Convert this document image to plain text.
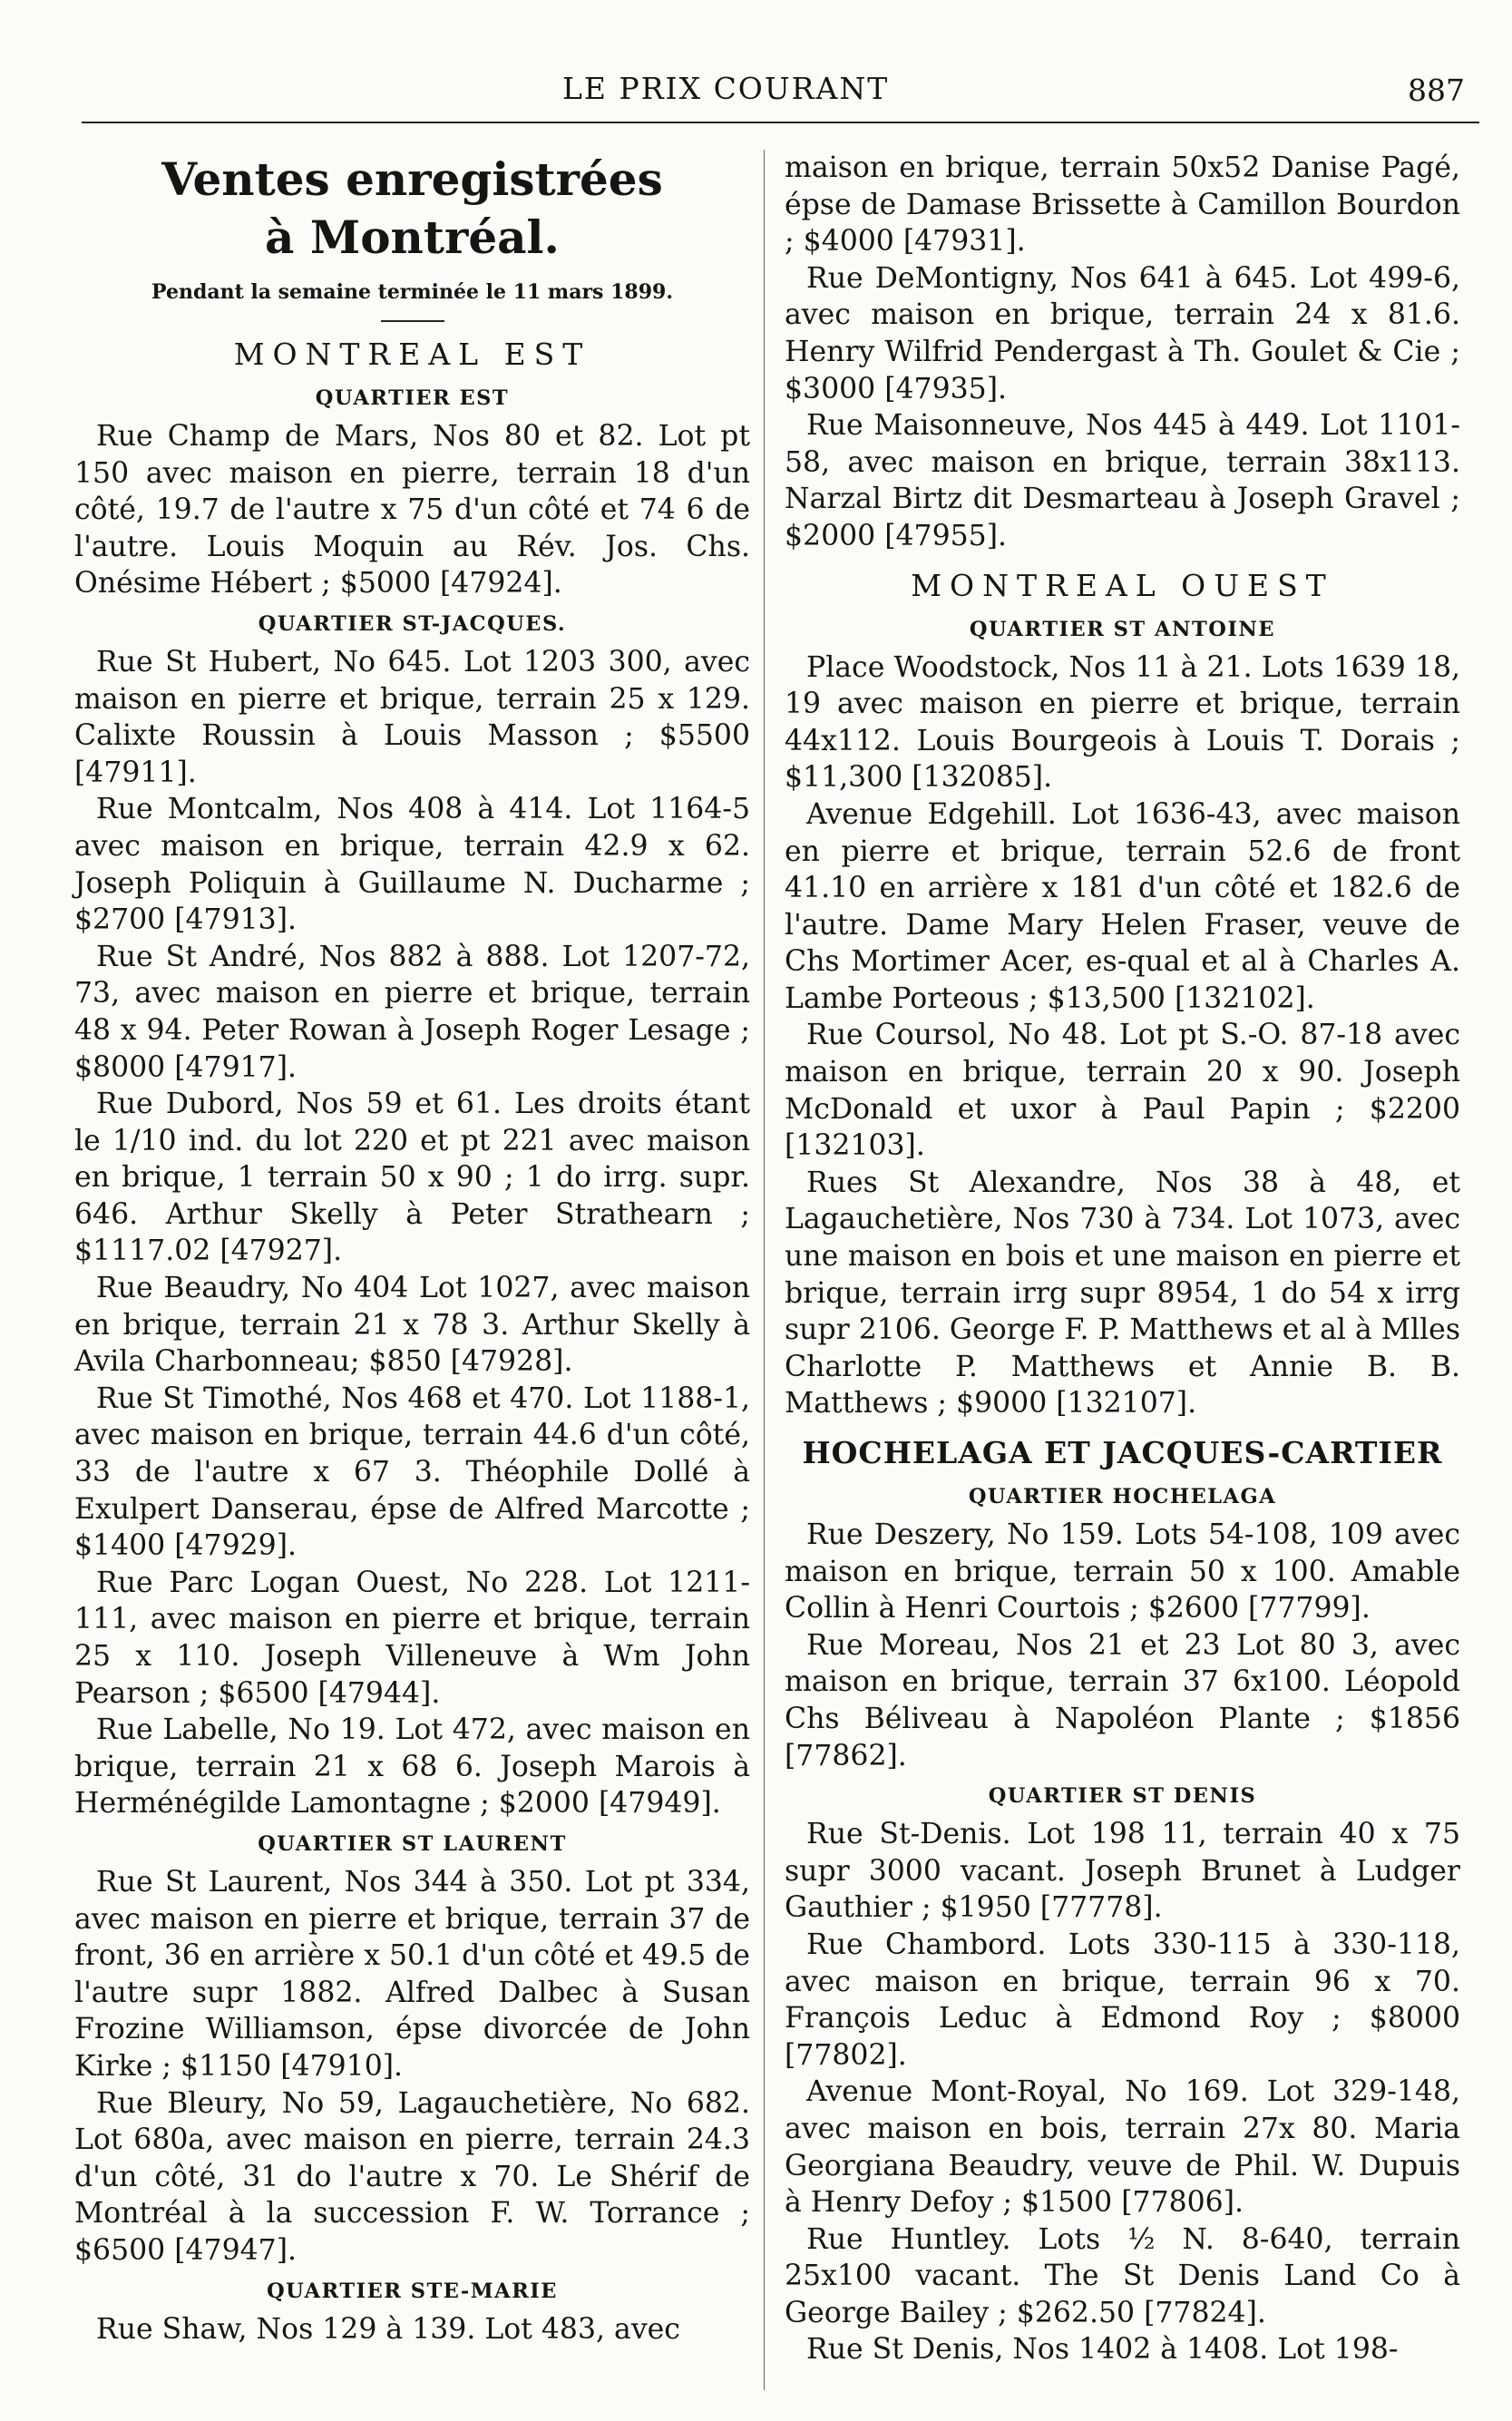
LE PRIX COURANT	887
Ventes enregistrées
à Montréal.
Pendant la semaine terminée le 11 mars 1899.
MONTREAL EST
QUARTIER EST

Rue Champ de Mars, Nos 80 et 82. Lot pt 150 avec maison en pierre, terrain 18 d'un côté, 19.7 de l'autre x 75 d'un côté et 74 6 de l'autre. Louis Moquin au Rév. Jos. Chs. Onésime Hébert ; $5000 [47924].

QUARTIER ST-JACQUES.

Rue St Hubert, No 645. Lot 1203 300, avec maison en pierre et brique, terrain 25 x 129. Calixte Roussin à Louis Masson ; $5500 [47911].

Rue Montcalm, Nos 408 à 414. Lot 1164-5 avec maison en brique, terrain 42.9 x 62. Joseph Poliquin à Guillaume N. Ducharme ; $2700 [47913].

Rue St André, Nos 882 à 888. Lot 1207-72, 73, avec maison en pierre et brique, terrain 48 x 94. Peter Rowan à Joseph Roger Lesage ; $8000 [47917].

Rue Dubord, Nos 59 et 61. Les droits étant le 1/10 ind. du lot 220 et pt 221 avec maison en brique, 1 terrain 50 x 90 ; 1 do irrg. supr. 646. Arthur Skelly à Peter Strathearn ; $1117.02 [47927].

Rue Beaudry, No 404 Lot 1027, avec maison en brique, terrain 21 x 78 3. Arthur Skelly à Avila Charbonneau; $850 [47928].

Rue St Timothé, Nos 468 et 470. Lot 1188-1, avec maison en brique, terrain 44.6 d'un côté, 33 de l'autre x 67 3. Théophile Dollé à Exulpert Danserau, épse de Alfred Marcotte ; $1400 [47929].

Rue Parc Logan Ouest, No 228. Lot 1211-111, avec maison en pierre et brique, terrain 25 x 110. Joseph Villeneuve à Wm John Pearson ; $6500 [47944].

Rue Labelle, No 19. Lot 472, avec maison en brique, terrain 21 x 68 6. Joseph Marois à Herménégilde Lamontagne ; $2000 [47949].

QUARTIER ST LAURENT

Rue St Laurent, Nos 344 à 350. Lot pt 334, avec maison en pierre et brique, terrain 37 de front, 36 en arrière x 50.1 d'un côté et 49.5 de l'autre supr 1882. Alfred Dalbec à Susan Frozine Williamson, épse divorcée de John Kirke ; $1150 [47910].

Rue Bleury, No 59, Lagauchetière, No 682. Lot 680a, avec maison en pierre, terrain 24.3 d'un côté, 31 do l'autre x 70. Le Shérif de Montréal à la succession F. W. Torrance ; $6500 [47947].

QUARTIER STE-MARIE

Rue Shaw, Nos 129 à 139. Lot 483, avec

maison en brique, terrain 50x52 Danise Pagé, épse de Damase Brissette à Camillon Bourdon ; $4000 [47931].

Rue DeMontigny, Nos 641 à 645. Lot 499-6, avec maison en brique, terrain 24 x 81.6. Henry Wilfrid Pendergast à Th. Goulet & Cie ; $3000 [47935].

Rue Maisonneuve, Nos 445 à 449. Lot 1101-58, avec maison en brique, terrain 38x113. Narzal Birtz dit Desmarteau à Joseph Gravel ; $2000 [47955].

MONTREAL OUEST
QUARTIER ST ANTOINE

Place Woodstock, Nos 11 à 21. Lots 1639 18, 19 avec maison en pierre et brique, terrain 44x112. Louis Bourgeois à Louis T. Dorais ; $11,300 [132085].

Avenue Edgehill. Lot 1636-43, avec maison en pierre et brique, terrain 52.6 de front 41.10 en arrière x 181 d'un côté et 182.6 de l'autre. Dame Mary Helen Fraser, veuve de Chs Mortimer Acer, es-qual et al à Charles A. Lambe Porteous ; $13,500 [132102].

Rue Coursol, No 48. Lot pt S.-O. 87-18 avec maison en brique, terrain 20 x 90. Joseph McDonald et uxor à Paul Papin ; $2200 [132103].

Rues St Alexandre, Nos 38 à 48, et Lagauchetière, Nos 730 à 734. Lot 1073, avec une maison en bois et une maison en pierre et brique, terrain irrg supr 8954, 1 do 54 x irrg supr 2106. George F. P. Matthews et al à Mlles Charlotte P. Matthews et Annie B. B. Matthews ; $9000 [132107].

HOCHELAGA ET JACQUES-CARTIER
QUARTIER HOCHELAGA

Rue Deszery, No 159. Lots 54-108, 109 avec maison en brique, terrain 50 x 100. Amable Collin à Henri Courtois ; $2600 [77799].

Rue Moreau, Nos 21 et 23 Lot 80 3, avec maison en brique, terrain 37 6x100. Léopold Chs Béliveau à Napoléon Plante ; $1856 [77862].

QUARTIER ST DENIS

Rue St-Denis. Lot 198 11, terrain 40 x 75 supr 3000 vacant. Joseph Brunet à Ludger Gauthier ; $1950 [77778].

Rue Chambord. Lots 330-115 à 330-118, avec maison en brique, terrain 96 x 70. François Leduc à Edmond Roy ; $8000 [77802].

Avenue Mont-Royal, No 169. Lot 329-148, avec maison en bois, terrain 27x 80. Maria Georgiana Beaudry, veuve de Phil. W. Dupuis à Henry Defoy ; $1500 [77806].

Rue Huntley. Lots ½ N. 8-640, terrain 25x100 vacant. The St Denis Land Co à George Bailey ; $262.50 [77824].

Rue St Denis, Nos 1402 à 1408. Lot 198-
